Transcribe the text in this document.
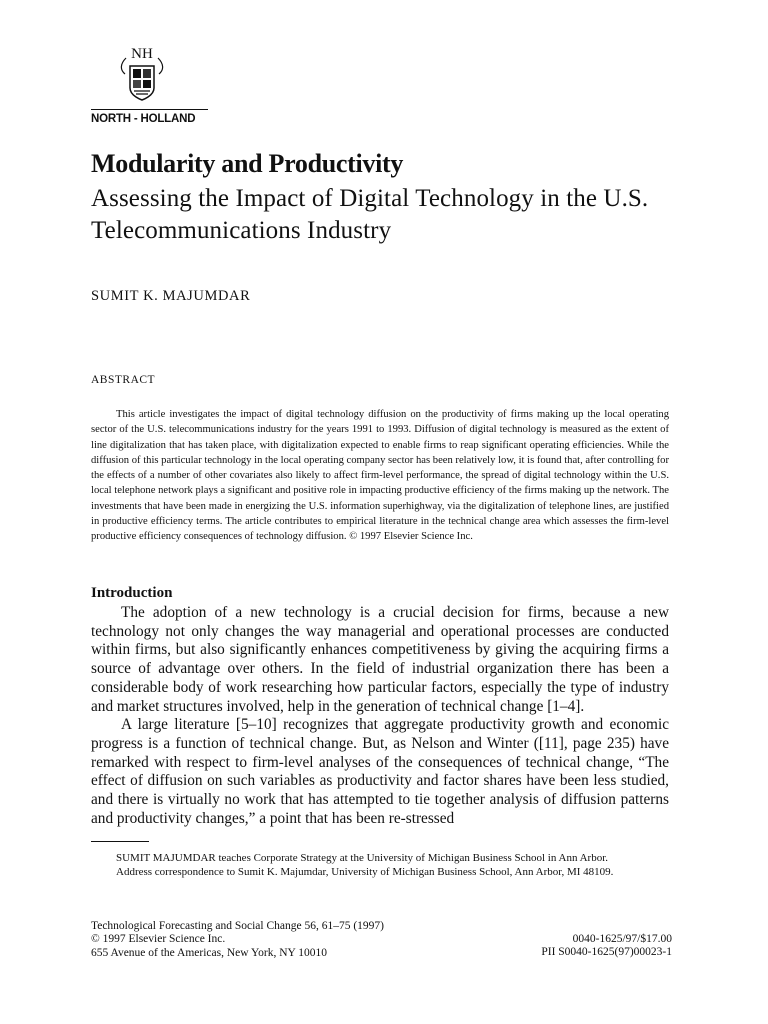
NH
NORTH - HOLLAND
Modularity and Productivity
Assessing the Impact of Digital Technology in the U.S. Telecommunications Industry
SUMIT K. MAJUMDAR
ABSTRACT
This article investigates the impact of digital technology diffusion on the productivity of firms making up the local operating sector of the U.S. telecommunications industry for the years 1991 to 1993. Diffusion of digital technology is measured as the extent of line digitalization that has taken place, with digitalization expected to enable firms to reap significant operating efficiencies. While the diffusion of this particular technology in the local operating company sector has been relatively low, it is found that, after controlling for the effects of a number of other covariates also likely to affect firm-level performance, the spread of digital technology within the U.S. local telephone network plays a significant and positive role in impacting productive efficiency of the firms making up the network. The investments that have been made in energizing the U.S. information superhighway, via the digitalization of telephone lines, are justified in productive efficiency terms. The article contributes to empirical literature in the technical change area which assesses the firm-level productive efficiency consequences of technology diffusion. © 1997 Elsevier Science Inc.
Introduction

The adoption of a new technology is a crucial decision for firms, because a new technology not only changes the way managerial and operational processes are conducted within firms, but also significantly enhances competitiveness by giving the acquiring firms a source of advantage over others. In the field of industrial organization there has been a considerable body of work researching how particular factors, especially the type of industry and market structures involved, help in the generation of technical change [1–4].

A large literature [5–10] recognizes that aggregate productivity growth and economic progress is a function of technical change. But, as Nelson and Winter ([11], page 235) have remarked with respect to firm-level analyses of the consequences of technical change, “The effect of diffusion on such variables as productivity and factor shares have been less studied, and there is virtually no work that has attempted to tie together analysis of diffusion patterns and productivity changes,” a point that has been re-stressed

SUMIT MAJUMDAR teaches Corporate Strategy at the University of Michigan Business School in Ann Arbor.

Address correspondence to Sumit K. Majumdar, University of Michigan Business School, Ann Arbor, MI 48109.

Technological Forecasting and Social Change 56, 61–75 (1997)
© 1997 Elsevier Science Inc.
655 Avenue of the Americas, New York, NY 10010
0040-1625/97/$17.00
PII S0040-1625(97)00023-1
